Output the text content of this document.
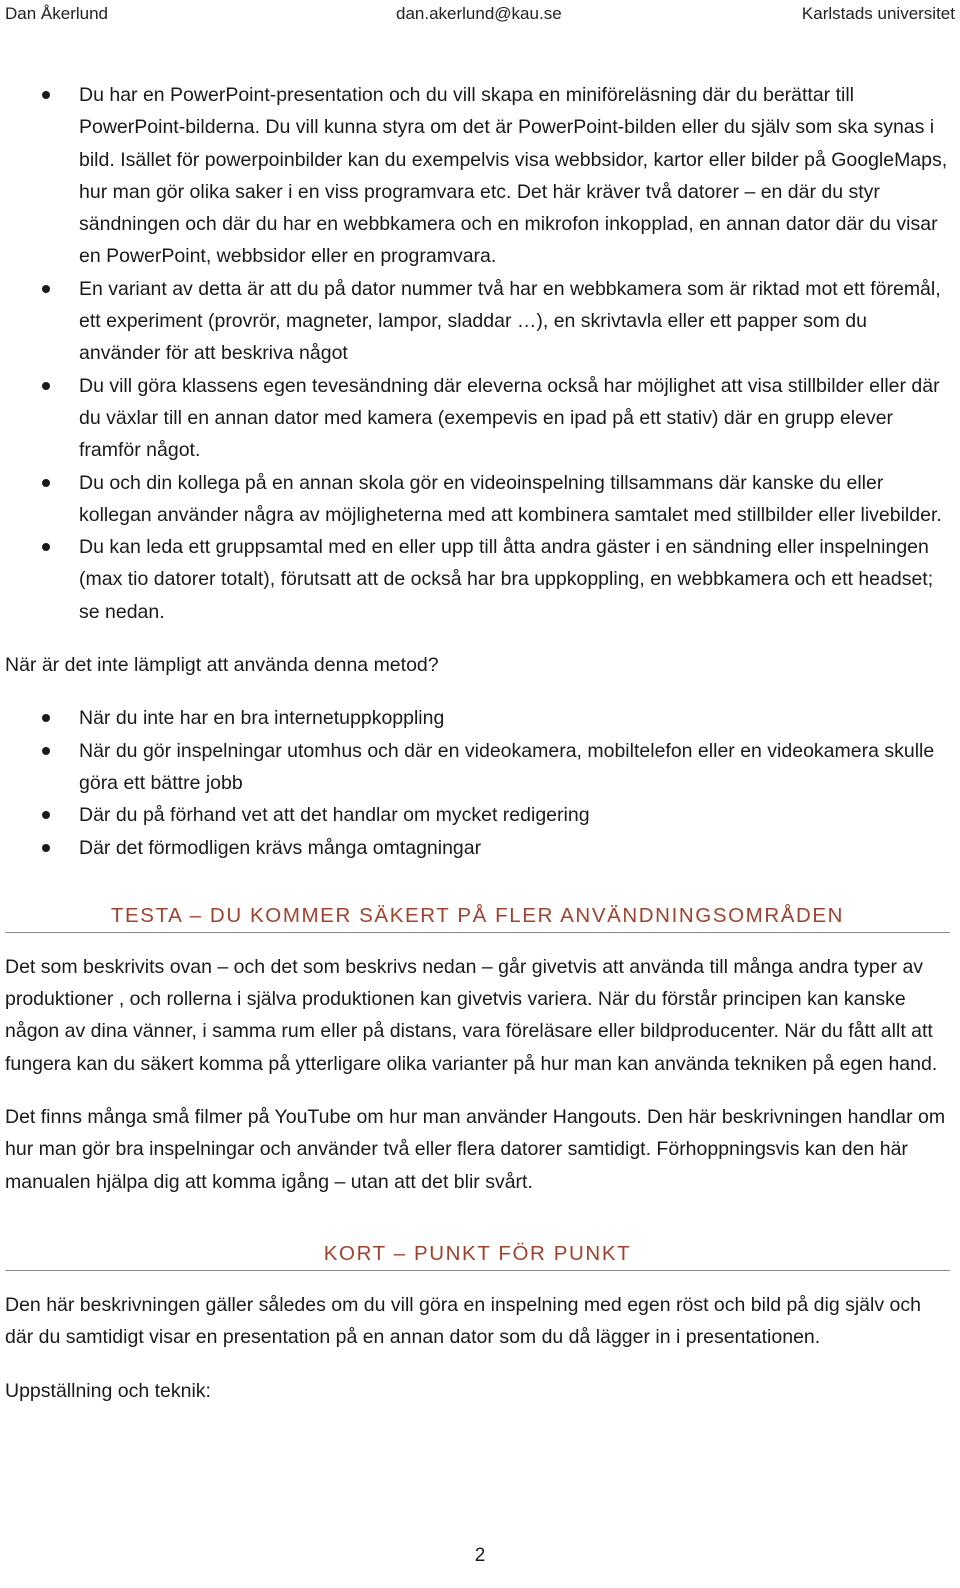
Dan Åkerlund	dan.akerlund@kau.se	Karlstads universitet
Du har en PowerPoint-presentation och du vill skapa en miniföreläsning där du berättar till PowerPoint-bilderna. Du vill kunna styra om det är PowerPoint-bilden eller du själv som ska synas i bild. Isället för powerpoinbilder kan du exempelvis visa webbsidor, kartor eller bilder på GoogleMaps, hur man gör olika saker i en viss programvara etc. Det här kräver två datorer – en där du styr sändningen och där du har en webbkamera och en mikrofon inkopplad, en annan dator där du visar en PowerPoint, webbsidor eller en programvara.
En variant av detta är att du på dator nummer två har en webbkamera som är riktad mot ett föremål, ett experiment (provrör, magneter, lampor, sladdar …), en skrivtavla eller ett papper som du använder för att beskriva något
Du vill göra klassens egen tevesändning där eleverna också har möjlighet att visa stillbilder eller där du växlar till en annan dator med kamera (exempevis en ipad på ett stativ) där en grupp elever framför något.
Du och din kollega på en annan skola gör en videoinspelning tillsammans där kanske du eller kollegan använder några av möjligheterna med att kombinera samtalet med stillbilder eller livebilder.
Du kan leda ett gruppsamtal med en eller upp till åtta andra gäster i en sändning eller inspelningen (max tio datorer totalt), förutsatt att de också har bra uppkoppling, en webbkamera och ett headset; se nedan.

När är det inte lämpligt att använda denna metod?

När du inte har en bra internetuppkoppling
När du gör inspelningar utomhus och där en videokamera, mobiltelefon eller en videokamera skulle göra ett bättre jobb
Där du på förhand vet att det handlar om mycket redigering
Där det förmodligen krävs många omtagningar
TESTA – DU KOMMER SÄKERT PÅ FLER ANVÄNDNINGSOMRÅDEN

Det som beskrivits ovan – och det som beskrivs nedan – går givetvis att använda till många andra typer av produktioner , och rollerna i själva produktionen kan givetvis variera. När du förstår principen kan kanske någon av dina vänner, i samma rum eller på distans, vara föreläsare eller bildproducenter. När du fått allt att fungera kan du säkert komma på ytterligare olika varianter på hur man kan använda tekniken på egen hand.

Det finns många små filmer på YouTube om hur man använder Hangouts. Den här beskrivningen handlar om hur man gör bra inspelningar och använder två eller flera datorer samtidigt. Förhoppningsvis kan den här manualen hjälpa dig att komma igång – utan att det blir svårt.

KORT – PUNKT FÖR PUNKT

Den här beskrivningen gäller således om du vill göra en inspelning med egen röst och bild på dig själv och där du samtidigt visar en presentation på en annan dator som du då lägger in i presentationen.

Uppställning och teknik:

2
